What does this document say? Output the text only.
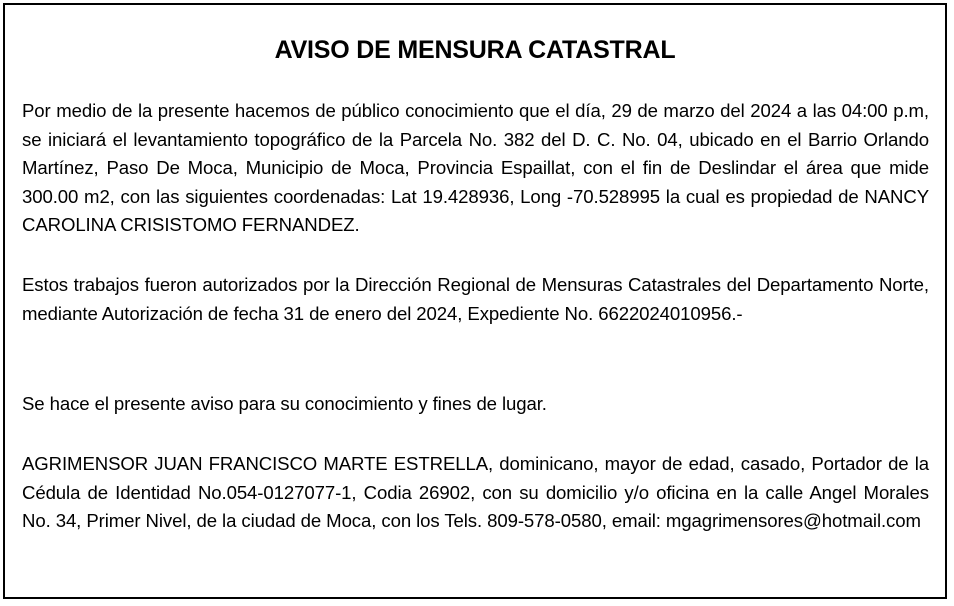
AVISO DE MENSURA CATASTRAL

Por medio de la presente hacemos de público conocimiento que el día, 29 de marzo del 2024 a las 04:00 p.m, se iniciará el levantamiento topográfico de la Parcela No. 382 del D. C. No. 04, ubicado en el Barrio Orlando Martínez, Paso De Moca, Municipio de Moca, Provincia Espaillat, con el fin de Deslindar el área que mide 300.00 m2, con las siguientes coordenadas: Lat 19.428936, Long -70.528995 la cual es propiedad de NANCY CAROLINA CRISISTOMO FERNANDEZ.

Estos trabajos fueron autorizados por la Dirección Regional de Mensuras Catastrales del Departamento Norte, mediante Autorización de fecha 31 de enero del 2024, Expediente No. 6622024010956.-

Se hace el presente aviso para su conocimiento y fines de lugar.

AGRIMENSOR JUAN FRANCISCO MARTE ESTRELLA, dominicano, mayor de edad, casado, Portador de la Cédula de Identidad No.054-0127077-1, Codia 26902, con su domicilio y/o oficina en la calle Angel Morales No. 34, Primer Nivel, de la ciudad de Moca, con los Tels. 809-578-0580, email: mgagrimensores@hotmail.com
